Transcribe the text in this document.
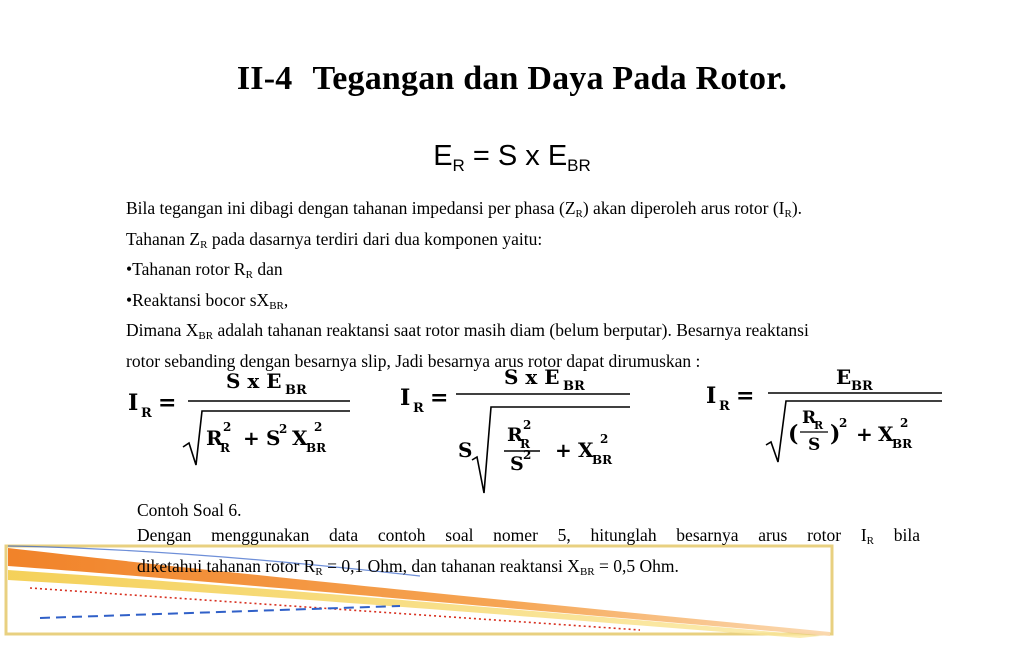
II-4 Tegangan dan Daya Pada Rotor.
$E_R = S$ x $E_{BR}$
Bila tegangan ini dibagi dengan tahanan impedansi per phasa $(Z_R)$ akan diperoleh arus rotor $(I_R)$.
Tahanan $Z_R$ pada dasarnya terdiri dari dua komponen yaitu:
•Tahanan rotor $R_R$ dan
•Reaktansi bocor $sX_{BR}$,
Dimana $X_{BR}$ adalah tahanan reaktansi saat rotor masih diam (belum berputar). Besarnya reaktansi
rotor sebanding dengan besarnya slip, Jadi besarnya arus rotor dapat dirumuskan :
I R =
S x E BR
R
R
2 + S
2 X
BR
2
I R =
S x E BR
S
R
R
2
S 2 + X
BR
2
I R =
E BR
(
R
R
S )
2 + X
BR
2
Contoh Soal 6.
Dengan menggunakan data contoh soal nomer 5, hitunglah besarnya arus rotor $I_R$ bila
diketahui tahanan rotor $R_R = 0,1$ Ohm, dan tahanan reaktansi $X_{BR} = 0,5$ Ohm.
